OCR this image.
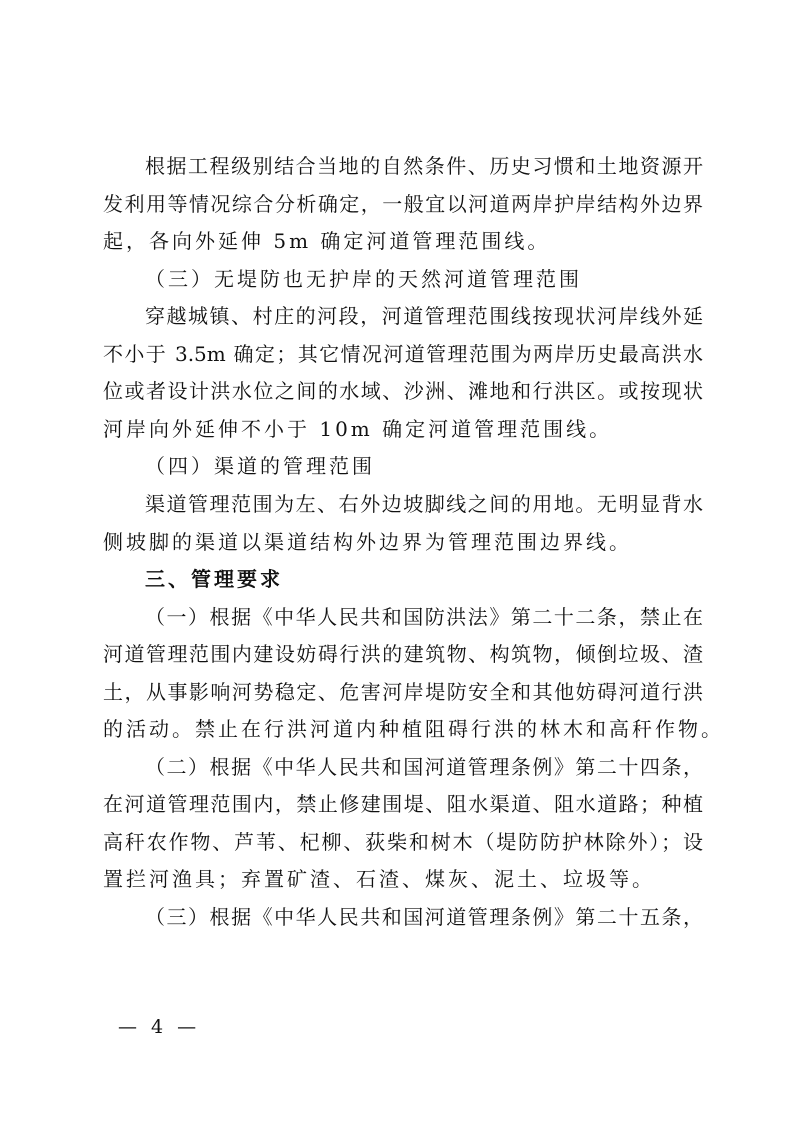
根据工程级别结合当地的自然条件、历史习惯和土地资源开
发利用等情况综合分析确定，一般宜以河道两岸护岸结构外边界
起，各向外延伸 5m 确定河道管理范围线。
（三）无堤防也无护岸的天然河道管理范围
穿越城镇、村庄的河段，河道管理范围线按现状河岸线外延
不小于 3.5m 确定；其它情况河道管理范围为两岸历史最高洪水
位或者设计洪水位之间的水域、沙洲、滩地和行洪区。或按现状
河岸向外延伸不小于 10m 确定河道管理范围线。
（四）渠道的管理范围
渠道管理范围为左、右外边坡脚线之间的用地。无明显背水
侧坡脚的渠道以渠道结构外边界为管理范围边界线。
三、管理要求
（一）根据《中华人民共和国防洪法》第二十二条，禁止在
河道管理范围内建设妨碍行洪的建筑物、构筑物，倾倒垃圾、渣
土，从事影响河势稳定、危害河岸堤防安全和其他妨碍河道行洪
的活动。禁止在行洪河道内种植阻碍行洪的林木和高秆作物。
（二）根据《中华人民共和国河道管理条例》第二十四条，
在河道管理范围内，禁止修建围堤、阻水渠道、阻水道路；种植
高秆农作物、芦苇、杞柳、荻柴和树木（堤防防护林除外）；设
置拦河渔具；弃置矿渣、石渣、煤灰、泥土、垃圾等。
（三）根据《中华人民共和国河道管理条例》第二十五条，
— 4 —
